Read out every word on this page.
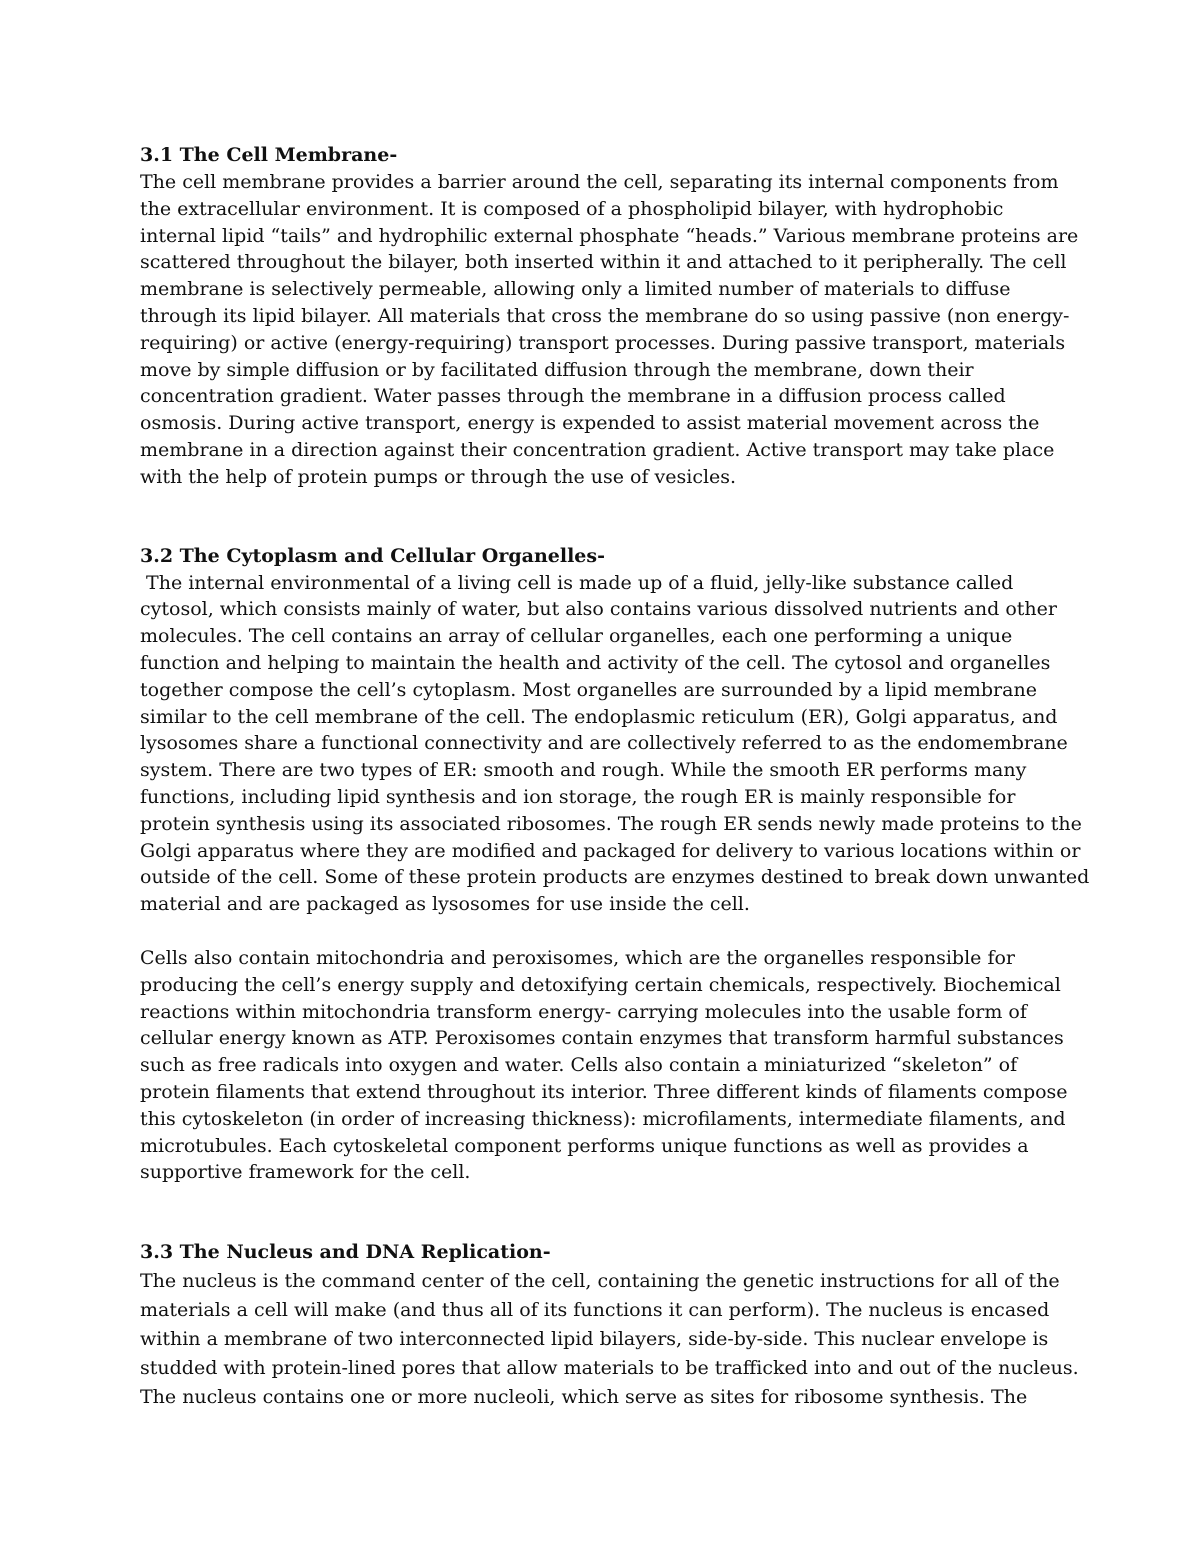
3.1 The Cell Membrane-
The cell membrane provides a barrier around the cell, separating its internal components from
the extracellular environment. It is composed of a phospholipid bilayer, with hydrophobic
internal lipid “tails” and hydrophilic external phosphate “heads.” Various membrane proteins are
scattered throughout the bilayer, both inserted within it and attached to it peripherally. The cell
membrane is selectively permeable, allowing only a limited number of materials to diffuse
through its lipid bilayer. All materials that cross the membrane do so using passive (non energy-
requiring) or active (energy-requiring) transport processes. During passive transport, materials
move by simple diffusion or by facilitated diffusion through the membrane, down their
concentration gradient. Water passes through the membrane in a diffusion process called
osmosis. During active transport, energy is expended to assist material movement across the
membrane in a direction against their concentration gradient. Active transport may take place
with the help of protein pumps or through the use of vesicles.
3.2 The Cytoplasm and Cellular Organelles-
The internal environmental of a living cell is made up of a fluid, jelly-like substance called
cytosol, which consists mainly of water, but also contains various dissolved nutrients and other
molecules. The cell contains an array of cellular organelles, each one performing a unique
function and helping to maintain the health and activity of the cell. The cytosol and organelles
together compose the cell’s cytoplasm. Most organelles are surrounded by a lipid membrane
similar to the cell membrane of the cell. The endoplasmic reticulum (ER), Golgi apparatus, and
lysosomes share a functional connectivity and are collectively referred to as the endomembrane
system. There are two types of ER: smooth and rough. While the smooth ER performs many
functions, including lipid synthesis and ion storage, the rough ER is mainly responsible for
protein synthesis using its associated ribosomes. The rough ER sends newly made proteins to the
Golgi apparatus where they are modified and packaged for delivery to various locations within or
outside of the cell. Some of these protein products are enzymes destined to break down unwanted
material and are packaged as lysosomes for use inside the cell.
Cells also contain mitochondria and peroxisomes, which are the organelles responsible for
producing the cell’s energy supply and detoxifying certain chemicals, respectively. Biochemical
reactions within mitochondria transform energy- carrying molecules into the usable form of
cellular energy known as ATP. Peroxisomes contain enzymes that transform harmful substances
such as free radicals into oxygen and water. Cells also contain a miniaturized “skeleton” of
protein filaments that extend throughout its interior. Three different kinds of filaments compose
this cytoskeleton (in order of increasing thickness): microfilaments, intermediate filaments, and
microtubules. Each cytoskeletal component performs unique functions as well as provides a
supportive framework for the cell.
3.3 The Nucleus and DNA Replication-
The nucleus is the command center of the cell, containing the genetic instructions for all of the
materials a cell will make (and thus all of its functions it can perform). The nucleus is encased
within a membrane of two interconnected lipid bilayers, side-by-side. This nuclear envelope is
studded with protein-lined pores that allow materials to be trafficked into and out of the nucleus.
The nucleus contains one or more nucleoli, which serve as sites for ribosome synthesis. The
